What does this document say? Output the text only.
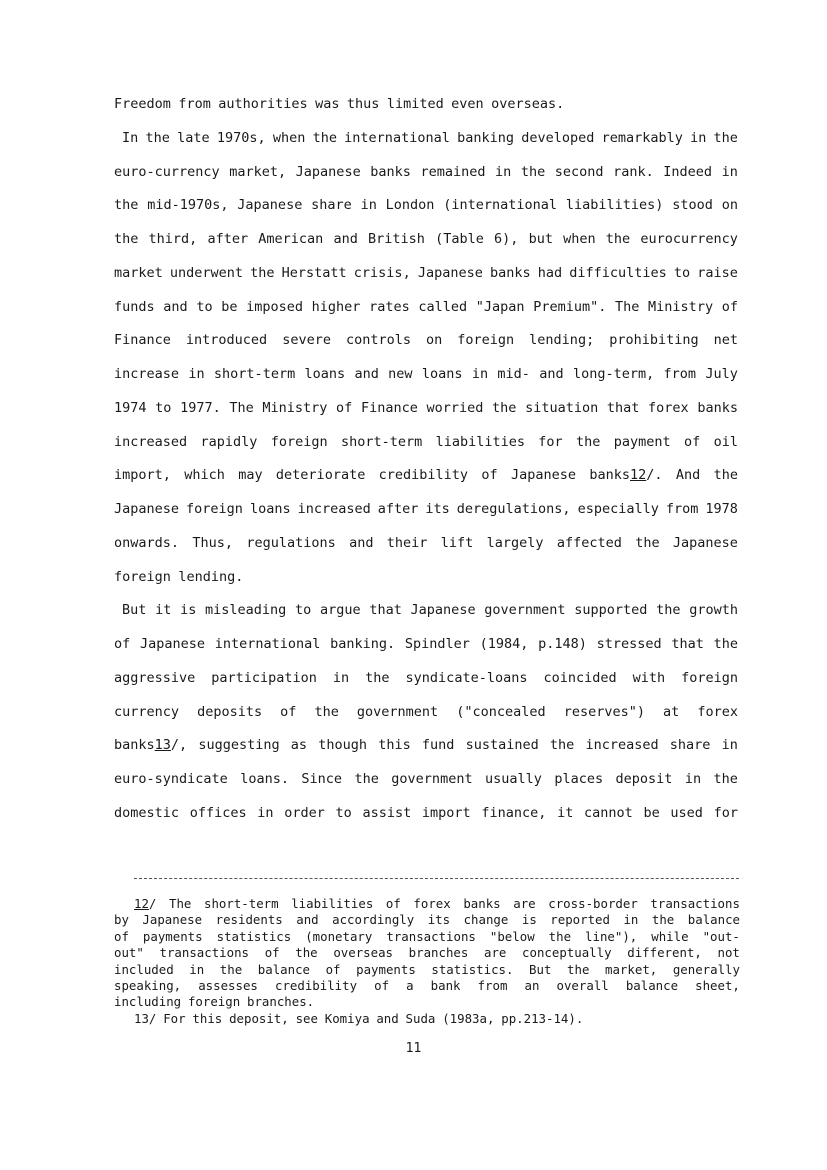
Freedom from authorities was thus limited even overseas.
In the late 1970s, when the international banking developed remarkably in the
euro-currency market, Japanese banks remained in the second rank. Indeed in
the mid-1970s, Japanese share in London (international liabilities) stood on
the third, after American and British (Table 6), but when the eurocurrency
market underwent the Herstatt crisis, Japanese banks had difficulties to raise
funds and to be imposed higher rates called "Japan Premium". The Ministry of
Finance introduced severe controls on foreign lending; prohibiting net
increase in short-term loans and new loans in mid- and long-term, from July
1974 to 1977. The Ministry of Finance worried the situation that forex banks
increased rapidly foreign short-term liabilities for the payment of oil
import, which may deteriorate credibility of Japanese banks12/. And the
Japanese foreign loans increased after its deregulations, especially from 1978
onwards. Thus, regulations and their lift largely affected the Japanese
foreign lending.
But it is misleading to argue that Japanese government supported the growth
of Japanese international banking. Spindler (1984, p.148) stressed that the
aggressive participation in the syndicate-loans coincided with foreign
currency deposits of the government ("concealed reserves") at forex
banks13/, suggesting as though this fund sustained the increased share in
euro-syndicate loans. Since the government usually places deposit in the
domestic offices in order to assist import finance, it cannot be used for
12/ The short-term liabilities of forex banks are cross-border transactions
by Japanese residents and accordingly its change is reported in the balance
of payments statistics (monetary transactions "below the line"), while "out-
out" transactions of the overseas branches are conceptually different, not
included in the balance of payments statistics. But the market, generally
speaking, assesses credibility of a bank from an overall balance sheet,
including foreign branches.
13/ For this deposit, see Komiya and Suda (1983a, pp.213-14).
11
